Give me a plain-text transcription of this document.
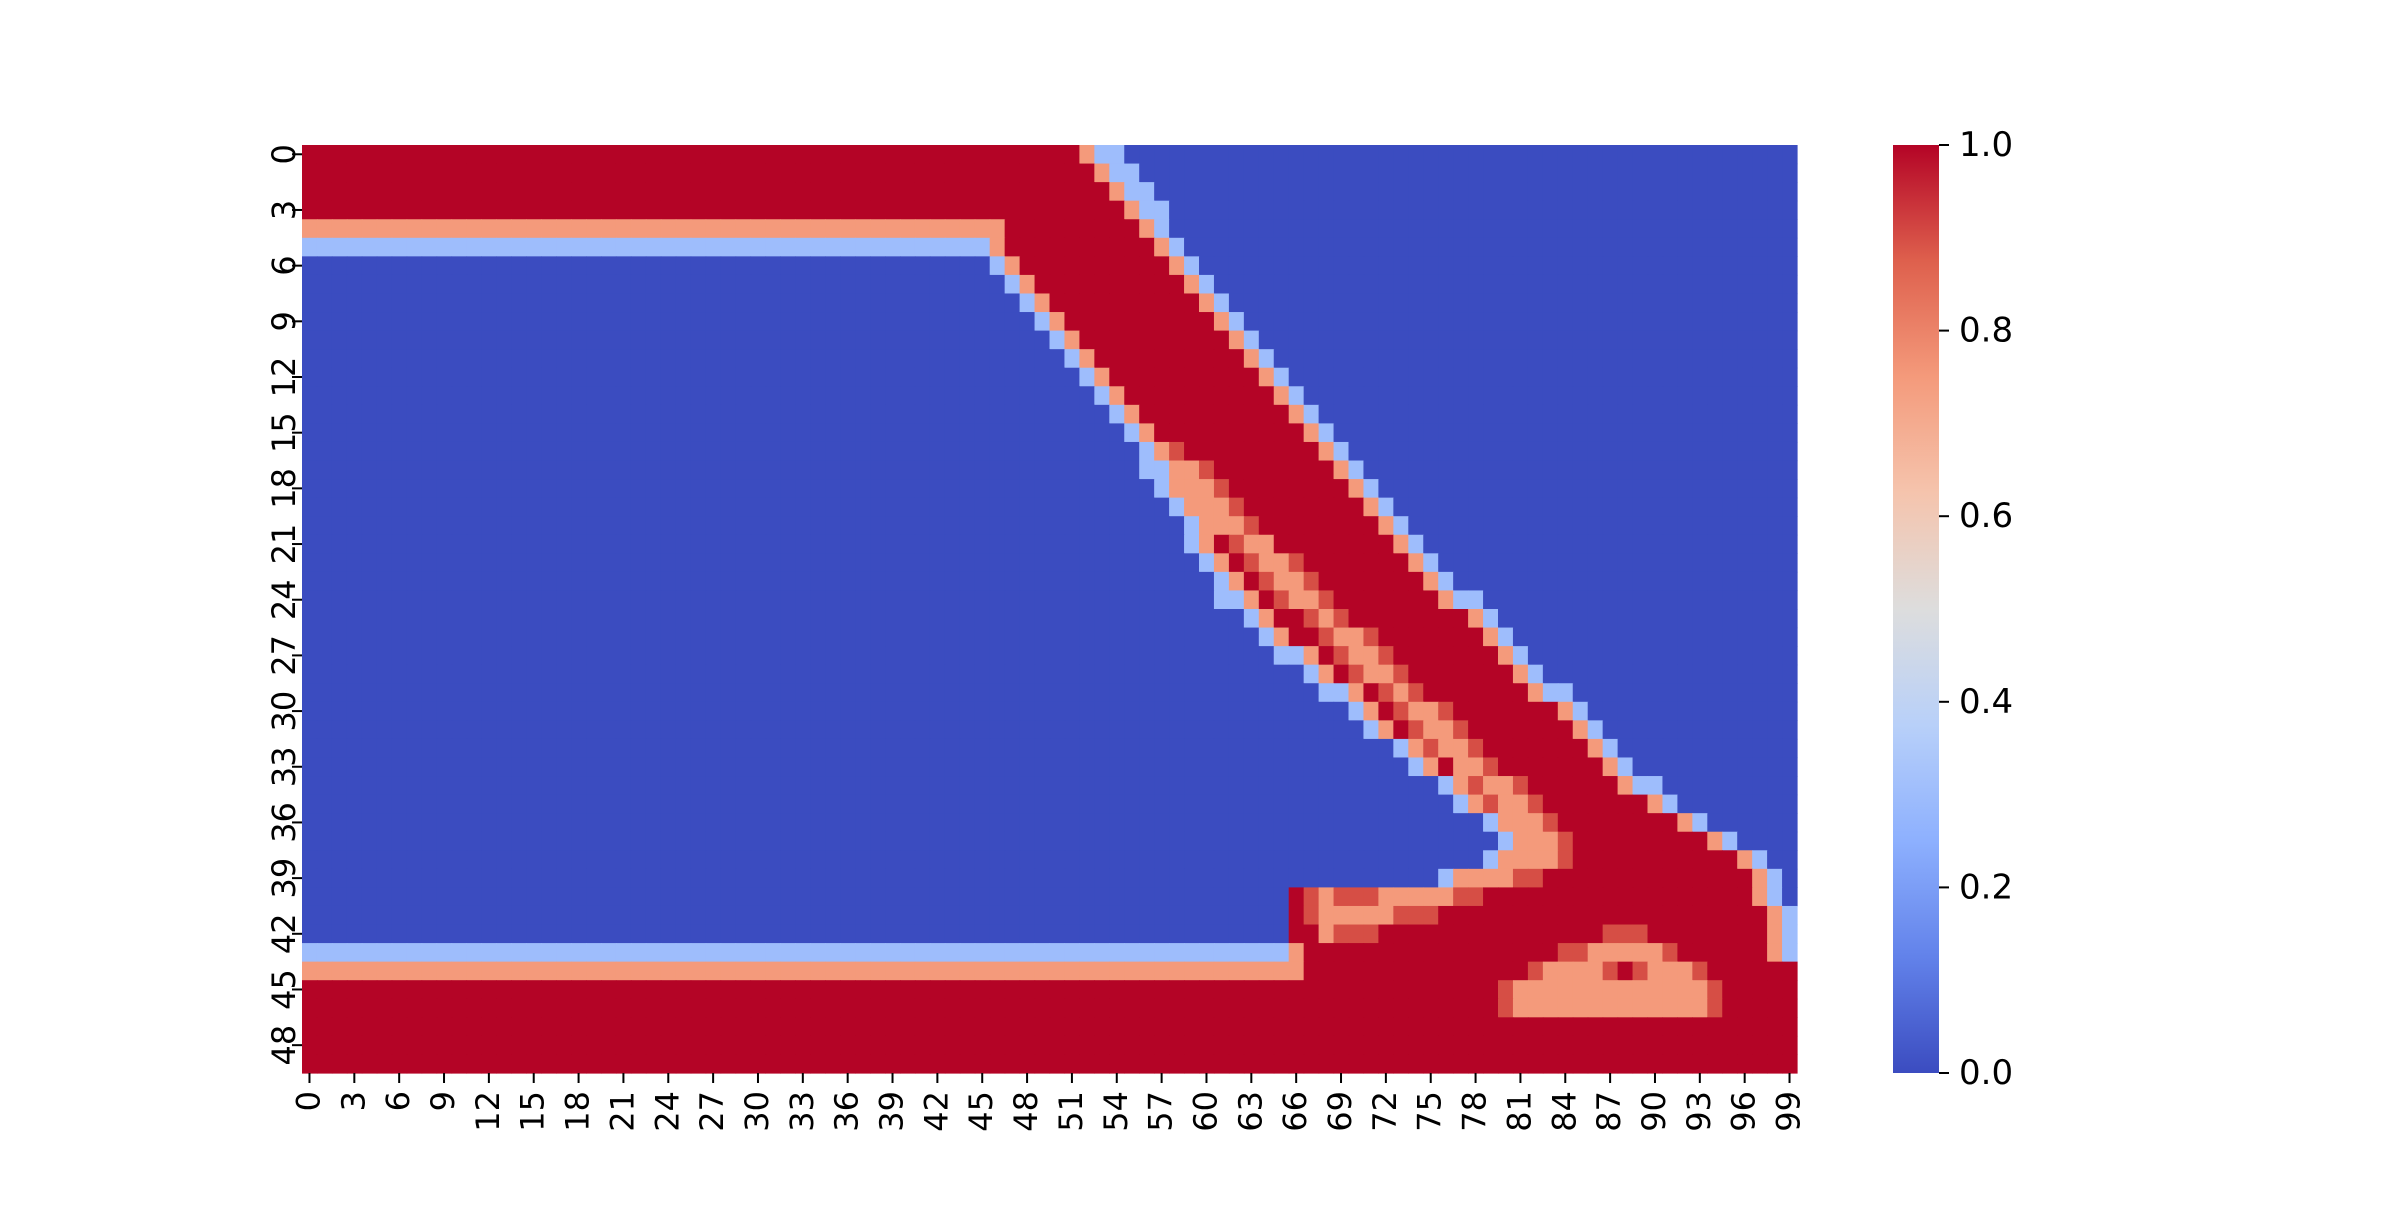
0 3 6 9 12 15 18 21 24 27 30 33 36 39 42 45 48 51 54 57 60 63 66 69 72 75 78 81 84 87 90 93 96 99
0
3
6
9
12
15
18
21
24
27
30
33
36
39
42
45
48
0.0
0.2
0.4
0.6
0.8
1.0
